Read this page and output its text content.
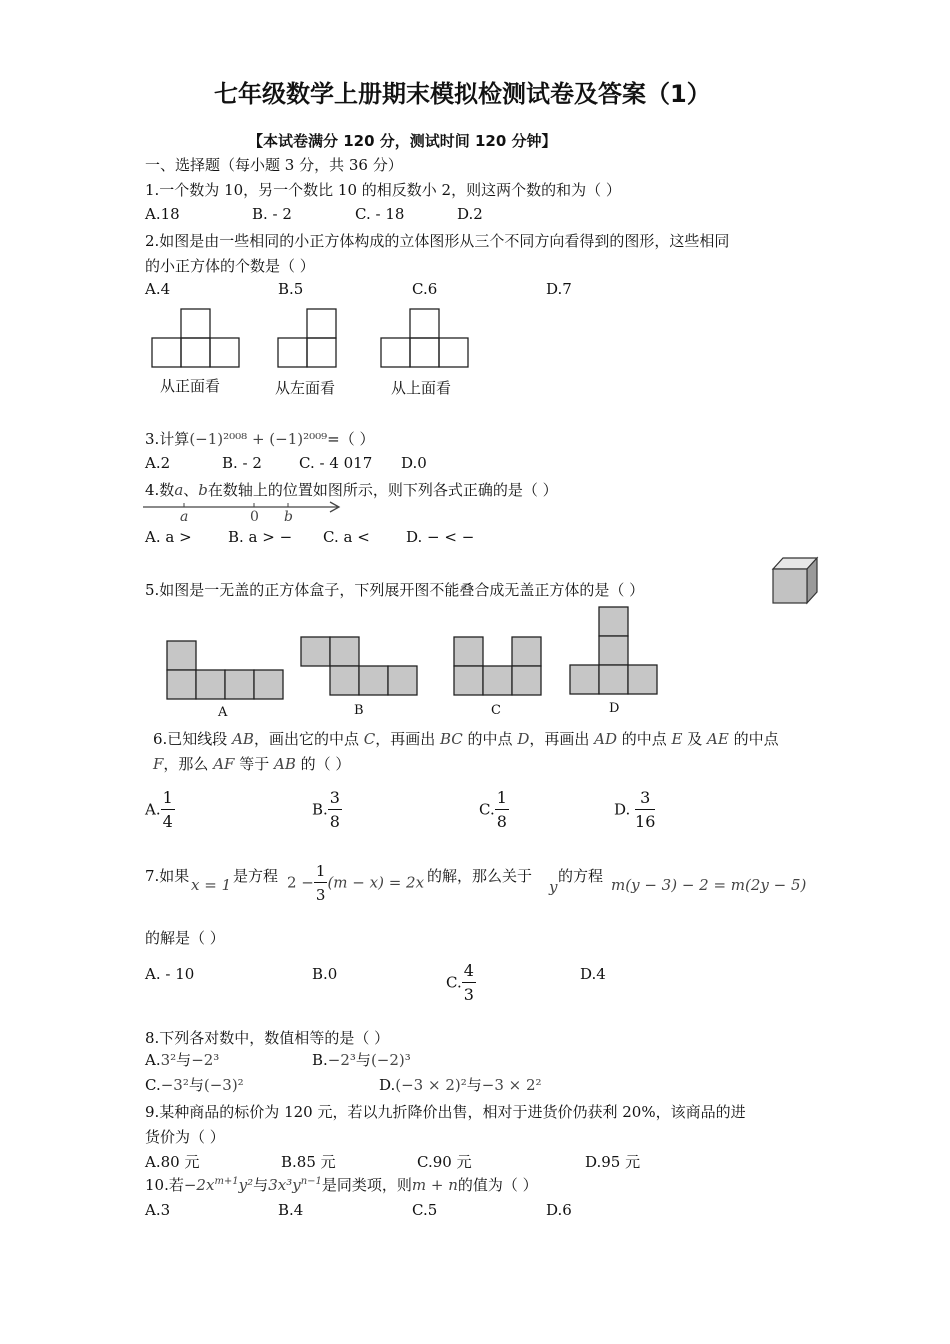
七年级数学上册期末模拟检测试卷及答案（1）
【本试卷满分 120 分，测试时间 120 分钟】
一、选择题（每小题 3 分，共 36 分）
1.一个数为 10，另一个数比 10 的相反数小 2，则这两个数的和为（ ）
A.18	B. - 2	C. - 18	D.2
2.如图是由一些相同的小正方体构成的立体图形从三个不同方向看得到的图形，这些相同
的小正方体的个数是（ ）
A.4	B.5	C.6	D.7
从正面看	从左面看	从上面看
3.计算(−1)²⁰⁰⁸ + (−1)²⁰⁰⁹=（ ）
A.2	B. - 2 C. - 4 017 D.0
4.数a、b在数轴上的位置如图所示，则下列各式正确的是（ ）
a	0 b
A. a > B. a > − C. a < D. − < −
5.如图是一无盖的正方体盒子，下列展开图不能叠合成无盖正方体的是（ ）
A	B	C	D
6.已知线段 AB，画出它的中点 C，再画出 BC 的中点 D，再画出 AD 的中点 E 及 AE 的中点
F，那么 AF 等于 AB 的（ ）
A. $\frac{1}{4}$	B. $\frac{3}{8}$	C. $\frac{1}{8}$	D. $\frac{3}{16}$
7.如果 x = 1 是方程 $2 - \frac{1}{3} (m - x) = 2x$ 的解，那么关于
y
的方程 m(y − 3) − 2 = m(2y − 5)
的解是（ ）
A. - 10	B.0	C. $\frac{4}{3}$	D.4
8.下列各对数中，数值相等的是（ ）
A.3²与−2³	B.−2³与(−2)³
C.−3²与(−3)²	D.(−3 × 2)²与−3 × 2²
9.某种商品的标价为 120 元，若以九折降价出售，相对于进货价仍获利 20%，该商品的进
货价为（ ）
A.80 元	B.85 元	C.90 元	D.95 元
10.若$-2x^{m+1}y^2$与$3x^3y^{n-1}$是同类项，则m + n的值为（ ）
A.3	B.4	C.5	D.6
